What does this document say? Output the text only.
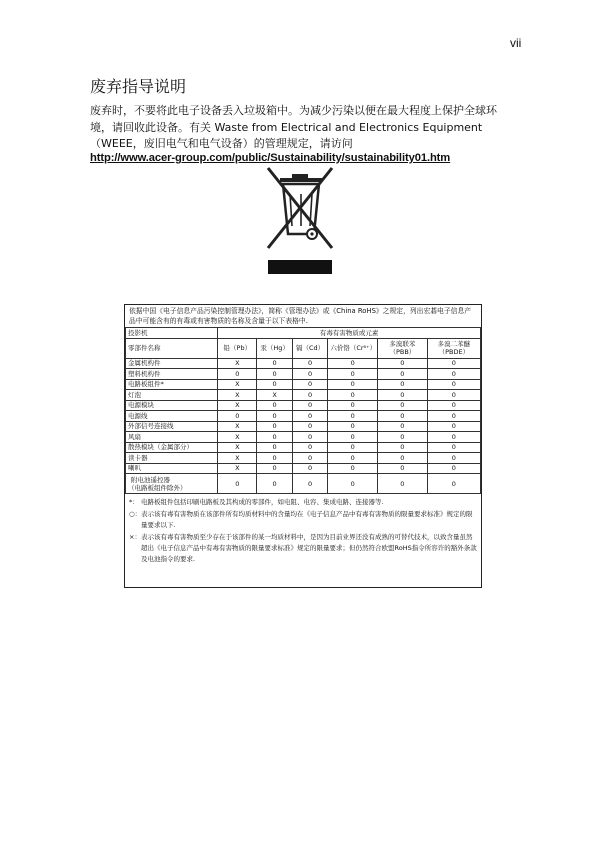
vii
废弃指导说明

废弃时，不要将此电子设备丢入垃圾箱中。为减少污染以便在最大程度上保护全球环

境，请回收此设备。有关 Waste from Electrical and Electronics Equipment

（WEEE，废旧电气和电气设备）的管理规定，请访问

http://www.acer-group.com/public/Sustainability/sustainability01.htm
依据中国《电子信息产品污染控制管理办法》，简称《管理办法》或《China RoHS》之规定，列出宏碁电子信息产品中可能含有的有毒或有害物质的名称及含量于以下表格中.
投影机	有毒有害物质或元素					
零部件名称	铅（Pb）	汞（Hg）	镉（Cd）	六价铬（Cr⁶⁺）	多溴联苯（PBB）	多溴二苯醚（PBDE）
金属机构件	X	0	0	0	0	0
塑料机构件	0	0	0	0	0	0
电路板组件*	X	0	0	0	0	0
灯泡	X	X	0	0	0	0
电源模块	X	0	0	0	0	0
电源线	0	0	0	0	0	0
外部信号连接线	X	0	0	0	0	0
风扇	X	0	0	0	0	0
散热模块（金属部分）	X	0	0	0	0	0
读卡器	X	0	0	0	0	0
喇叭	X	0	0	0	0	0

附电池遥控器
（电路板组件除外）	0	0	0	0	0	0
*： 电路板组件包括印刷电路板及其构成的零部件，如电阻、电容、集成电路、连接器等.
○： 表示该有毒有害物质在该部件所有均质材料中的含量均在《电子信息产品中有毒有害物质的限量要求标准》规定的限量要求以下.
×： 表示该有毒有害物质至少存在于该部件的某一均质材料中，是因为目前业界还没有成熟的可替代技术，以致含量虽然超出《电子信息产品中有毒有害物质的限量要求标准》规定的限量要求；但仍然符合欧盟RoHS指令所容许的豁外条款及电池指令的要求.
